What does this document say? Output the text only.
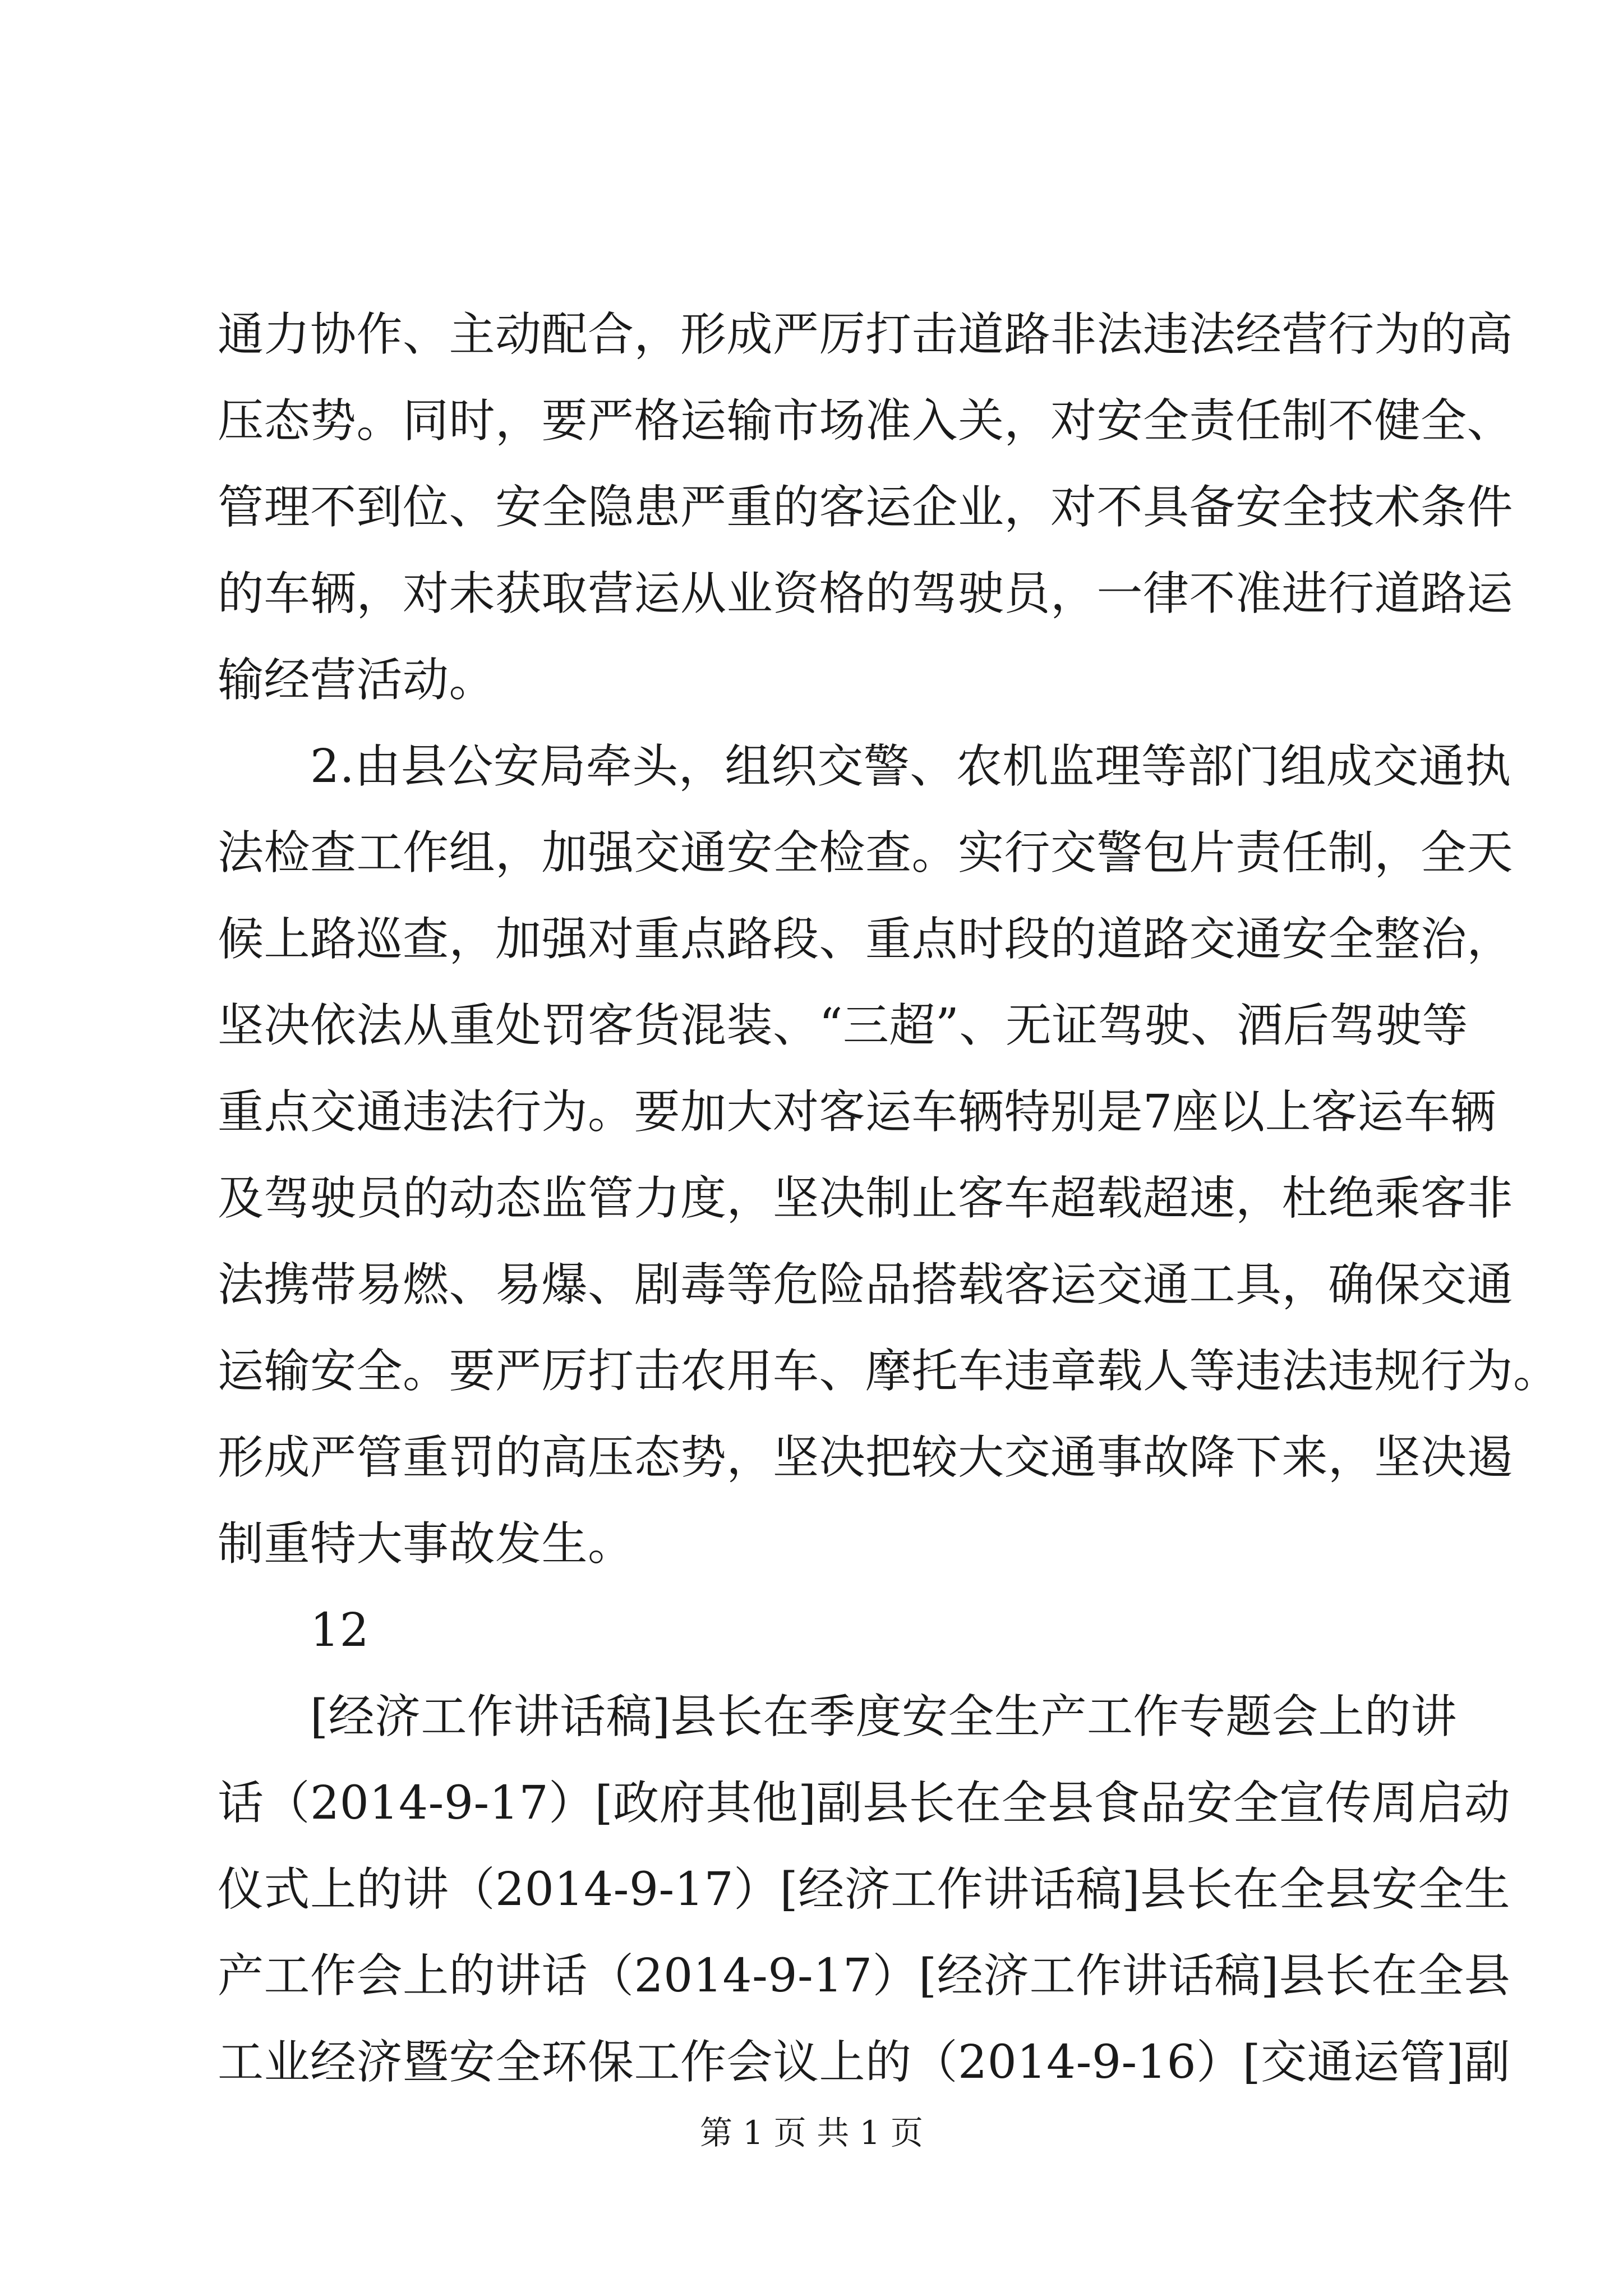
通力协作、主动配合，形成严厉打击道路非法违法经营行为的高
压态势。同时，要严格运输市场准入关，对安全责任制不健全、
管理不到位、安全隐患严重的客运企业，对不具备安全技术条件
的车辆，对未获取营运从业资格的驾驶员，一律不准进行道路运
输经营活动。
　　2.由县公安局牵头，组织交警、农机监理等部门组成交通执
法检查工作组，加强交通安全检查。实行交警包片责任制，全天
候上路巡查，加强对重点路段、重点时段的道路交通安全整治，
坚决依法从重处罚客货混装、“三超”、无证驾驶、酒后驾驶等
重点交通违法行为。要加大对客运车辆特别是7座以上客运车辆
及驾驶员的动态监管力度，坚决制止客车超载超速，杜绝乘客非
法携带易燃、易爆、剧毒等危险品搭载客运交通工具，确保交通
运输安全。要严厉打击农用车、摩托车违章载人等违法违规行为。
形成严管重罚的高压态势，坚决把较大交通事故降下来，坚决遏
制重特大事故发生。
　　12
　　[经济工作讲话稿]县长在季度安全生产工作专题会上的讲
话（2014-9-17）[政府其他]副县长在全县食品安全宣传周启动
仪式上的讲（2014-9-17）[经济工作讲话稿]县长在全县安全生
产工作会上的讲话（2014-9-17）[经济工作讲话稿]县长在全县
工业经济暨安全环保工作会议上的（2014-9-16）[交通运管]副
第 1 页 共 1 页
